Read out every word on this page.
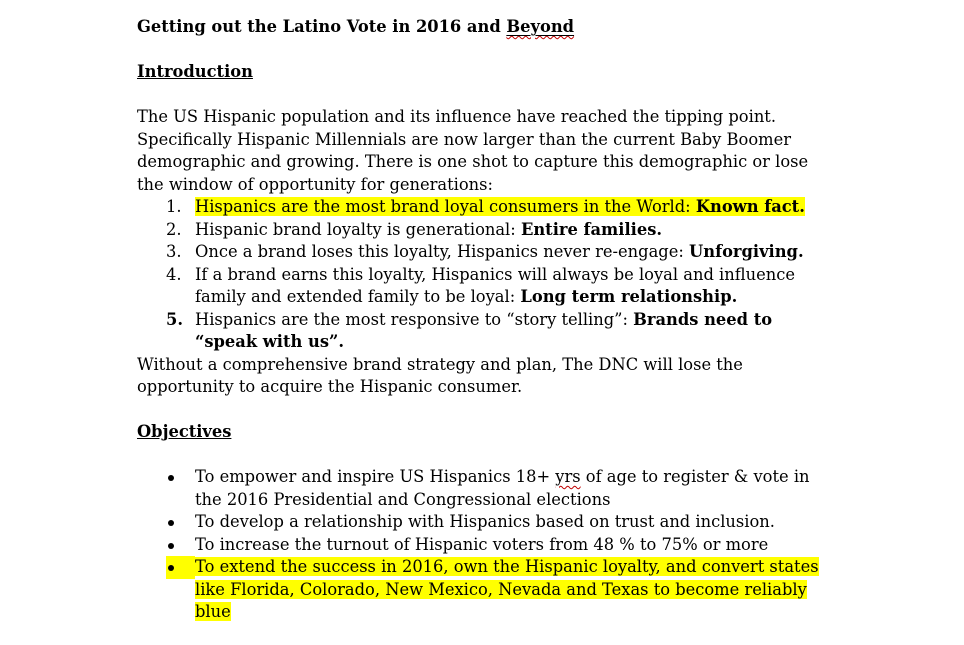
Getting out the Latino Vote in 2016 and Beyond
Introduction

The US Hispanic population and its influence have reached the tipping point. Specifically Hispanic Millennials are now larger than the current Baby Boomer demographic and growing. There is one shot to capture this demographic or lose the window of opportunity for generations:

1. Hispanics are the most brand loyal consumers in the World: Known fact.
2. Hispanic brand loyalty is generational: Entire families.
3. Once a brand loses this loyalty, Hispanics never re-engage: Unforgiving.
4. If a brand earns this loyalty, Hispanics will always be loyal and influence family and extended family to be loyal: Long term relationship.
5. Hispanics are the most responsive to “story telling”: Brands need to “speak with us”.

Without a comprehensive brand strategy and plan, The DNC will lose the opportunity to acquire the Hispanic consumer.

Objectives
To empower and inspire US Hispanics 18+ yrs of age to register & vote in the 2016 Presidential and Congressional elections
To develop a relationship with Hispanics based on trust and inclusion.
To increase the turnout of Hispanic voters from 48 % to 75% or more
To extend the success in 2016, own the Hispanic loyalty, and convert states like Florida, Colorado, New Mexico, Nevada and Texas to become reliably blue
